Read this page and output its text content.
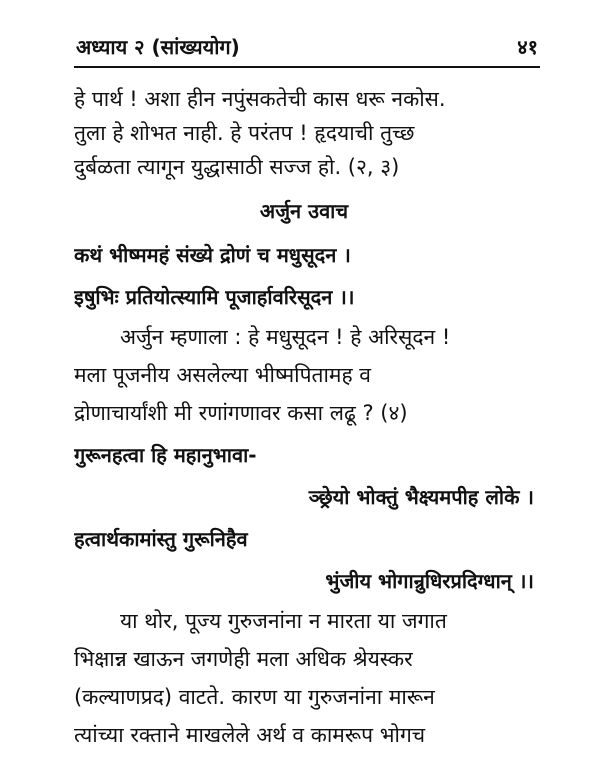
अध्याय २ (सांख्ययोग)	४१
हे पार्थ ! अशा हीन नपुंसकतेची कास धरू नकोस.
तुला हे शोभत नाही. हे परंतप ! हृदयाची तुच्छ
दुर्बळता त्यागून युद्धासाठी सज्ज हो. (२, ३)
अर्जुन उवाच
कथं भीष्ममहं संख्ये द्रोणं च मधुसूदन ।
इषुभिः प्रतियोत्स्यामि पूजार्हावरिसूदन ।।
अर्जुन म्हणाला : हे मधुसूदन ! हे अरिसूदन !
मला पूजनीय असलेल्या भीष्मपितामह व
द्रोणाचार्यांशी मी रणांगणावर कसा लढू ? (४)
गुरूनहत्वा हि महानुभावा-
ञ्छ्रेयो भोक्तुं भैक्ष्यमपीह लोके ।
हत्वार्थकामांस्तु गुरूनिहैव
भुंजीय भोगान्रुधिरप्रदिग्धान् ।।
या थोर, पूज्य गुरुजनांना न मारता या जगात
भिक्षान्न खाऊन जगणेही मला अधिक श्रेयस्कर
(कल्याणप्रद) वाटते. कारण या गुरुजनांना मारून
त्यांच्या रक्ताने माखलेले अर्थ व कामरूप भोगच
